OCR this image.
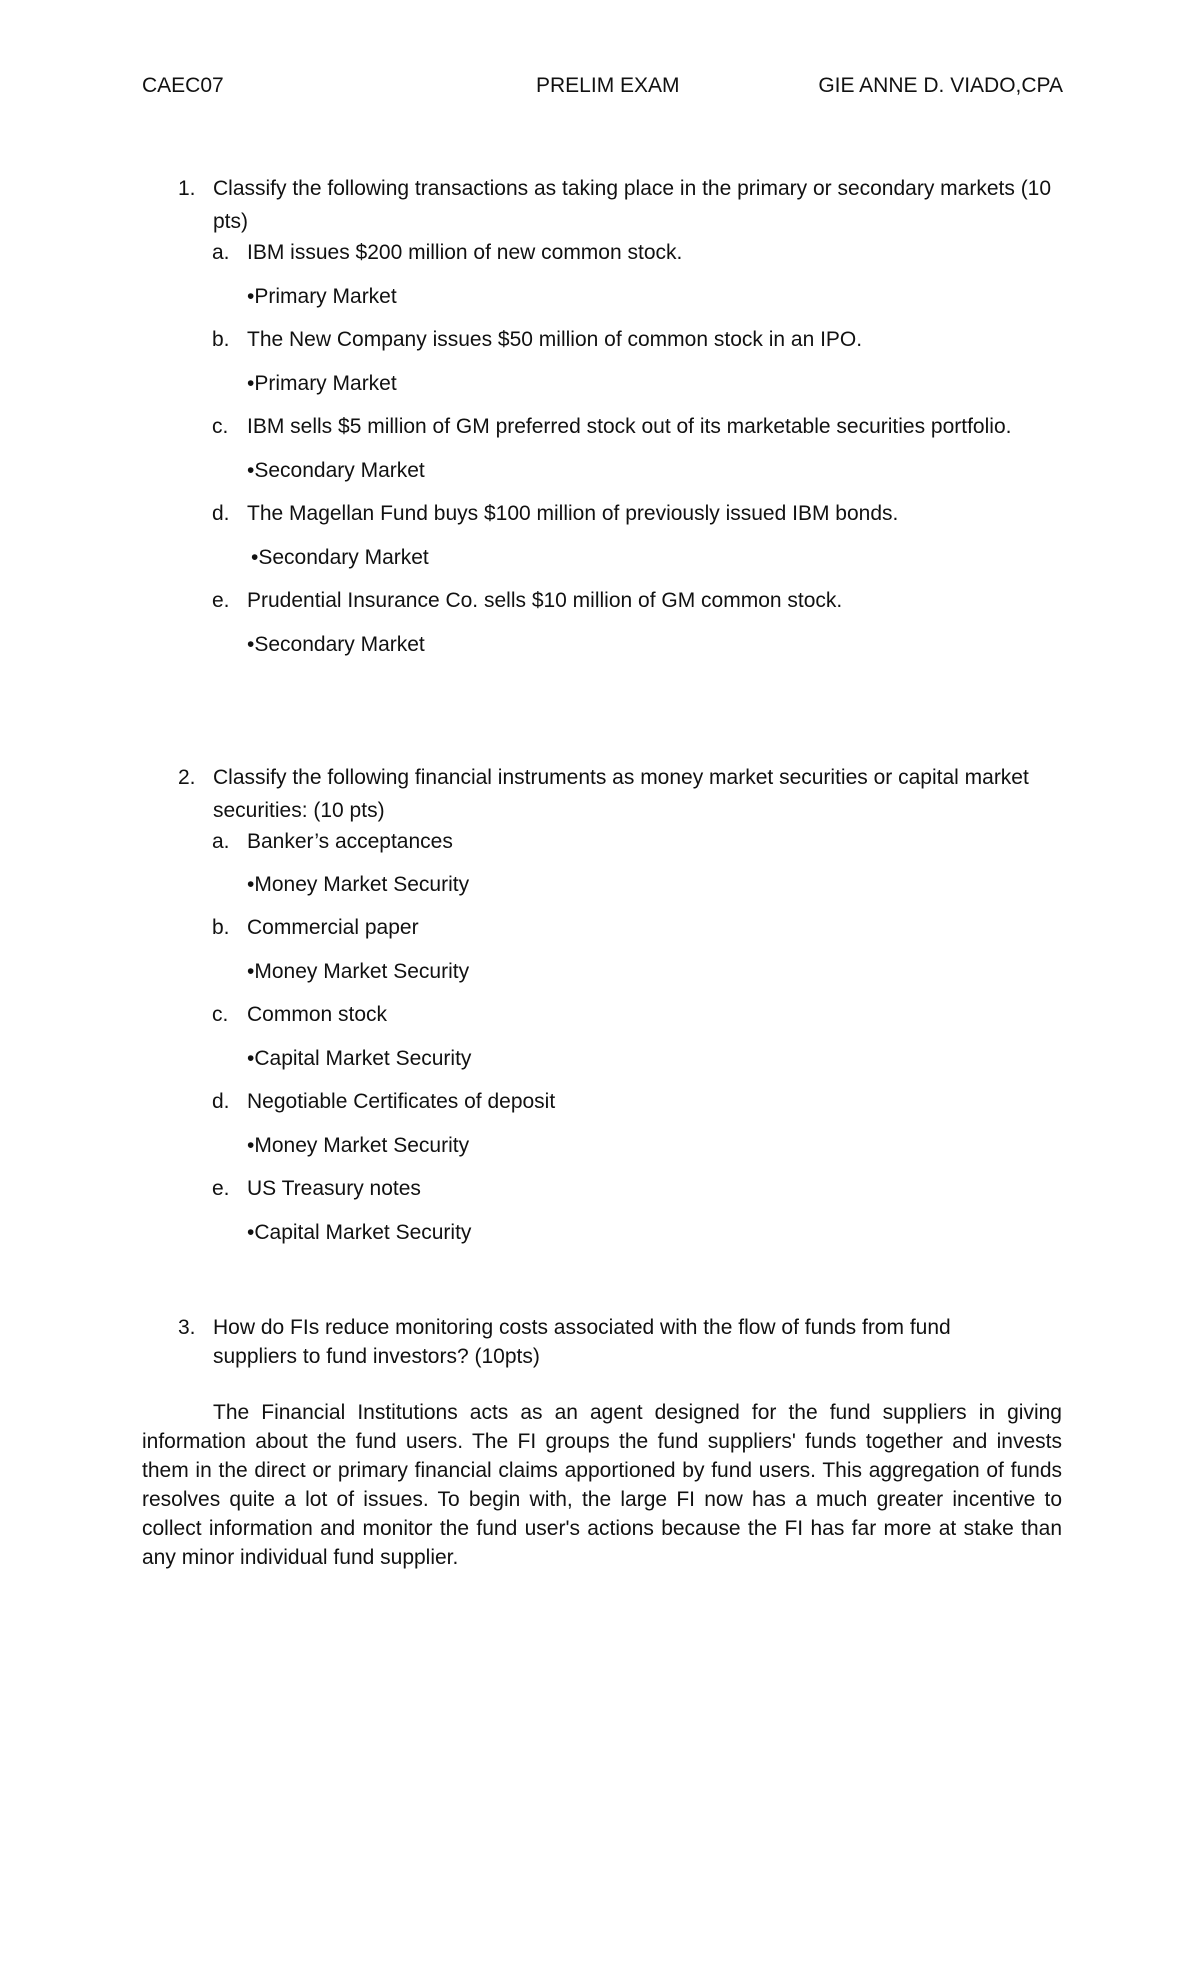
CAEC07	PRELIM EXAM	GIE ANNE D. VIADO,CPA
1. Classify the following transactions as taking place in the primary or secondary markets (10 pts)
a. IBM issues $200 million of new common stock.
•Primary Market
b. The New Company issues $50 million of common stock in an IPO.
•Primary Market
c. IBM sells $5 million of GM preferred stock out of its marketable securities portfolio.
•Secondary Market
d. The Magellan Fund buys $100 million of previously issued IBM bonds.
•Secondary Market
e. Prudential Insurance Co. sells $10 million of GM common stock.
•Secondary Market
2. Classify the following financial instruments as money market securities or capital market securities: (10 pts)
a. Banker’s acceptances
•Money Market Security
b. Commercial paper
•Money Market Security
c. Common stock
•Capital Market Security
d. Negotiable Certificates of deposit
•Money Market Security
e. US Treasury notes
•Capital Market Security
3. How do FIs reduce monitoring costs associated with the flow of funds from fund suppliers to fund investors? (10pts)
The Financial Institutions acts as an agent designed for the fund suppliers in giving information about the fund users. The FI groups the fund suppliers' funds together and invests them in the direct or primary financial claims apportioned by fund users. This aggregation of funds resolves quite a lot of issues. To begin with, the large FI now has a much greater incentive to collect information and monitor the fund user's actions because the FI has far more at stake than any minor individual fund supplier.
